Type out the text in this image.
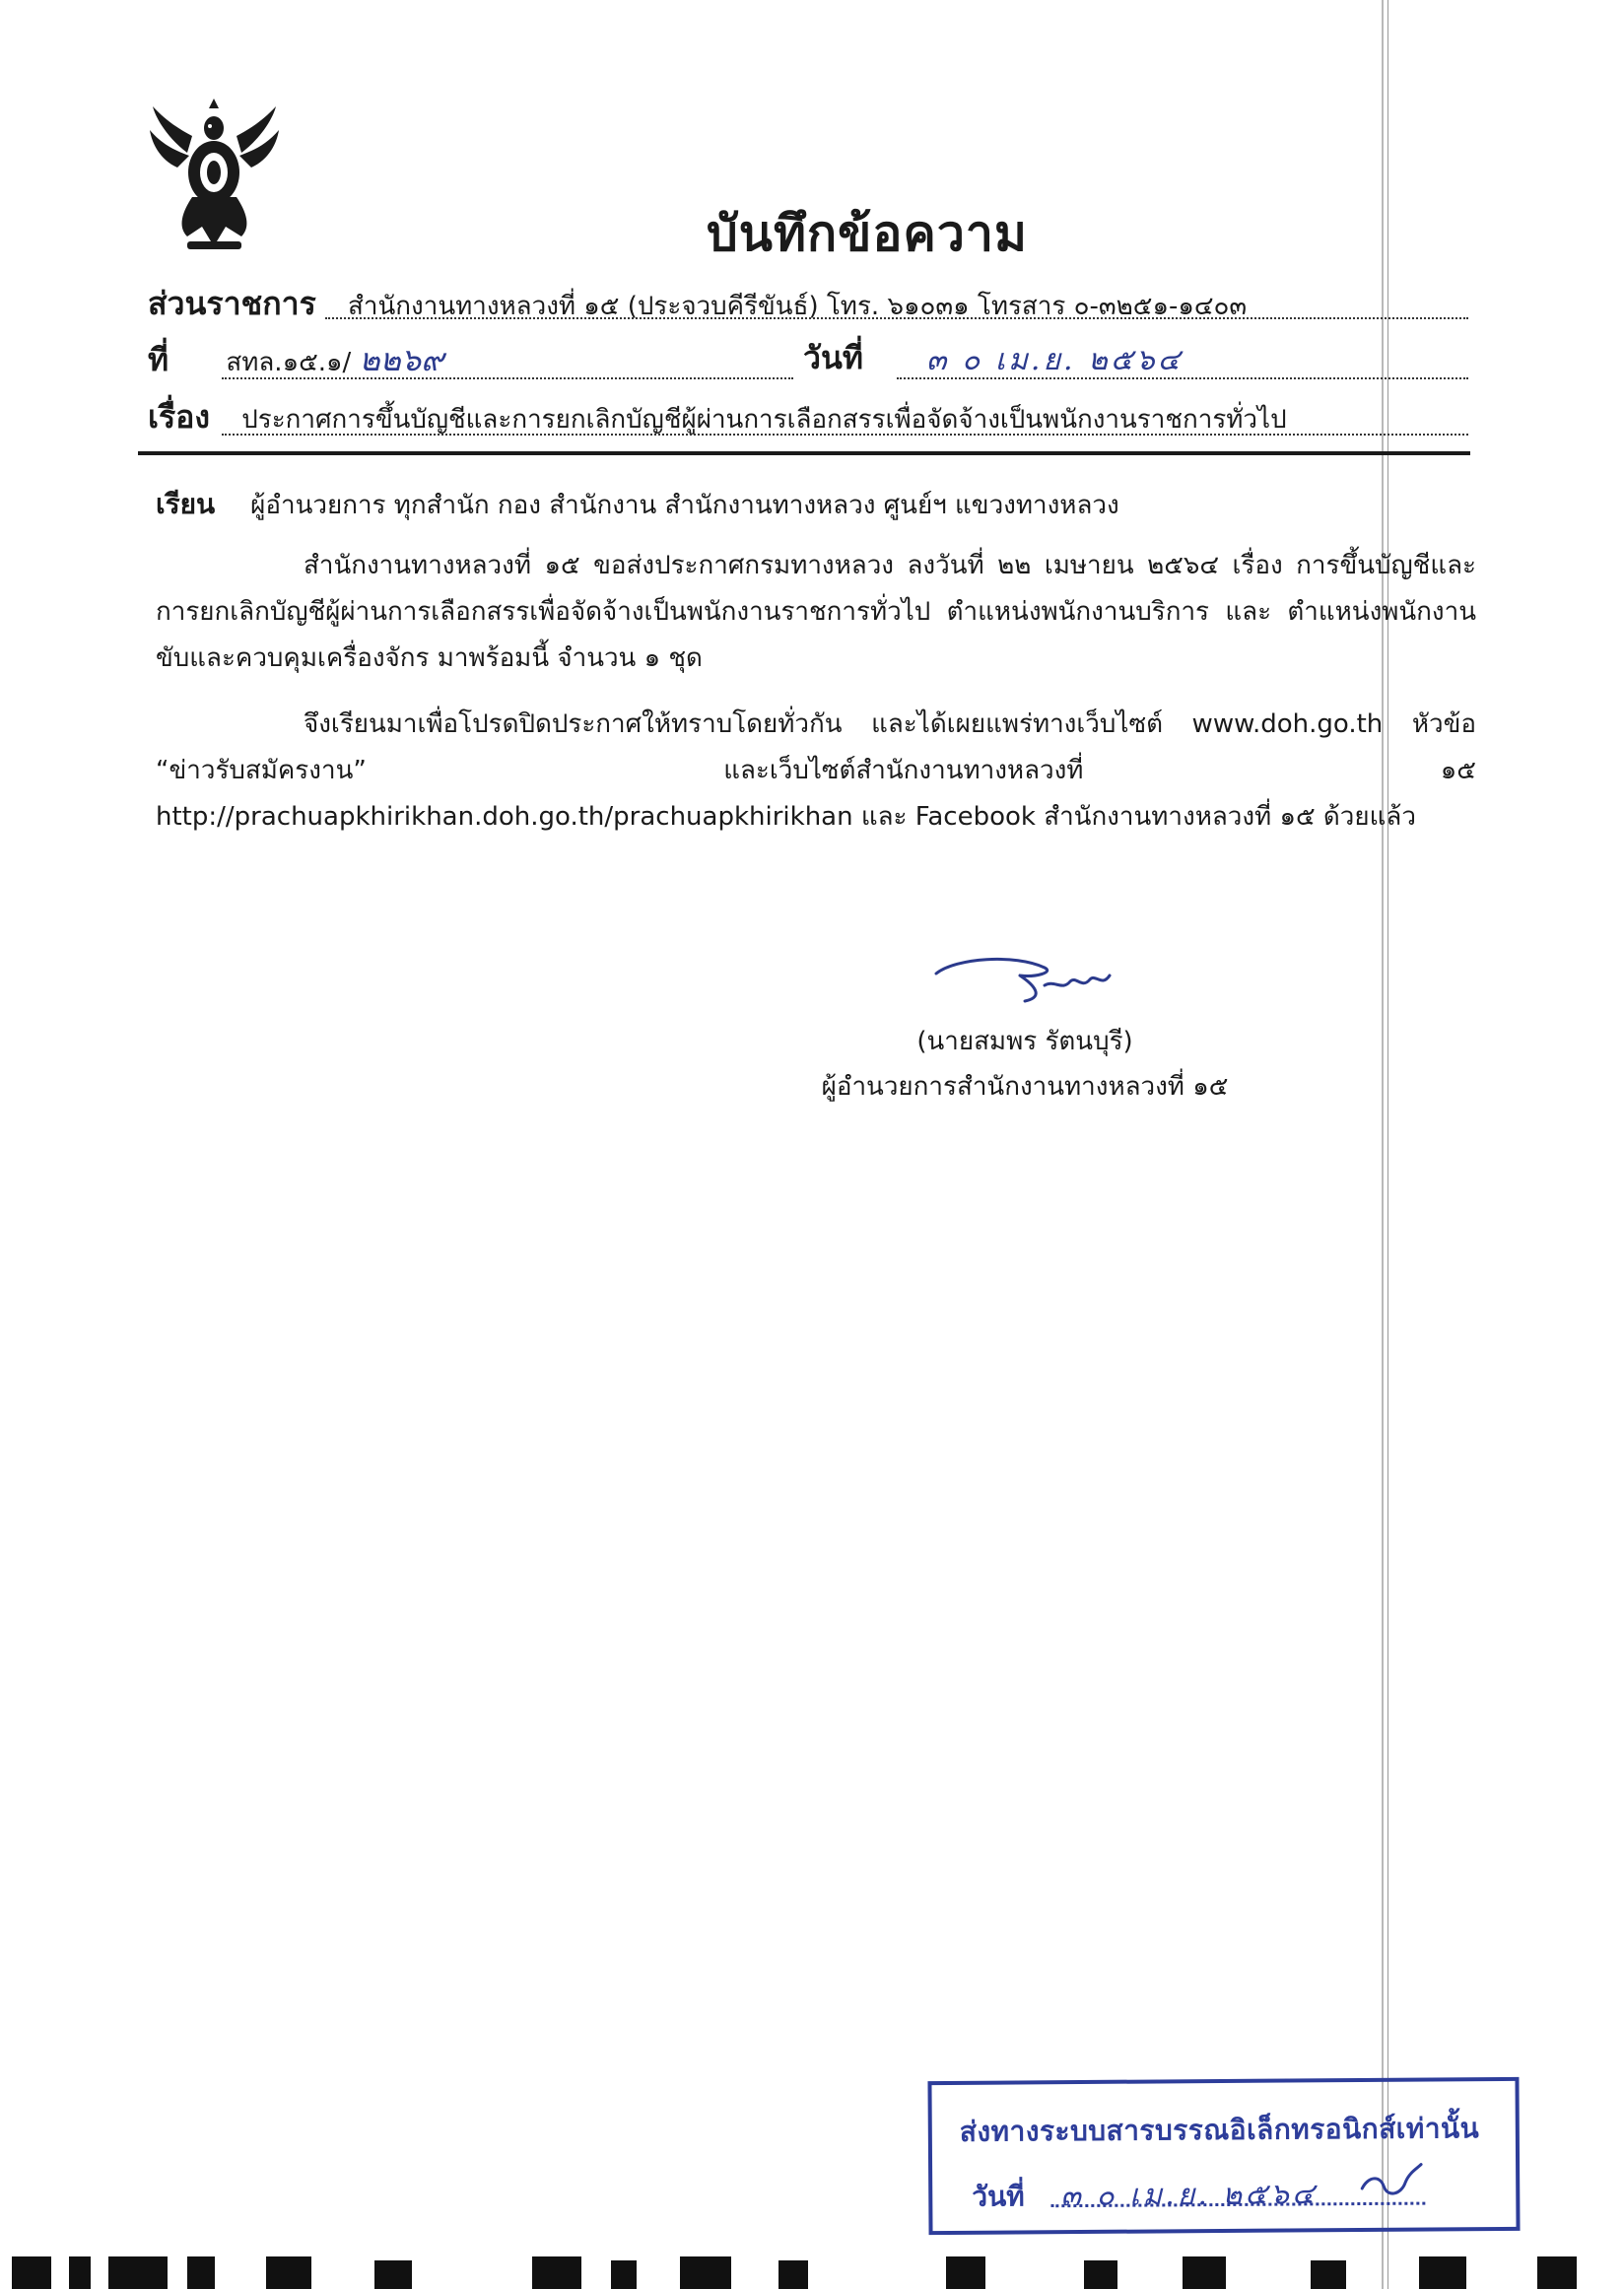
บันทึกข้อความ
ส่วนราชการ สำนักงานทางหลวงที่ ๑๕ (ประจวบคีรีขันธ์) โทร. ๖๑๐๓๑ โทรสาร ๐-๓๒๕๑-๑๔๐๓
ที่ สทล.๑๕.๑/ ๒๒๖๙	วันที่ ๓ ๐ เม.ย. ๒๕๖๔
เรื่อง ประกาศการขึ้นบัญชีและการยกเลิกบัญชีผู้ผ่านการเลือกสรรเพื่อจัดจ้างเป็นพนักงานราชการทั่วไป

เรียน ผู้อำนวยการ ทุกสำนัก กอง สำนักงาน สำนักงานทางหลวง ศูนย์ฯ แขวงทางหลวง

สำนักงานทางหลวงที่ ๑๕ ขอส่งประกาศกรมทางหลวง ลงวันที่ ๒๒ เมษายน ๒๕๖๔ เรื่อง การขึ้นบัญชีและการยกเลิกบัญชีผู้ผ่านการเลือกสรรเพื่อจัดจ้างเป็นพนักงานราชการทั่วไป ตำแหน่งพนักงานบริการ และ ตำแหน่งพนักงานขับและควบคุมเครื่องจักร มาพร้อมนี้ จำนวน ๑ ชุด

จึงเรียนมาเพื่อโปรดปิดประกาศให้ทราบโดยทั่วกัน และได้เผยแพร่ทางเว็บไซต์ www.doh.go.th หัวข้อ “ข่าวรับสมัครงาน” และเว็บไซต์สำนักงานทางหลวงที่ ๑๕ http://prachuapkhirikhan.doh.go.th/prachuapkhirikhan และ Facebook สำนักงานทางหลวงที่ ๑๕ ด้วยแล้ว

(นายสมพร รัตนบุรี)
ผู้อำนวยการสำนักงานทางหลวงที่ ๑๕
ส่งทางระบบสารบรรณอิเล็กทรอนิกส์เท่านั้น
วันที่ ๓ ๐ เม.ย. ๒๕๖๔
